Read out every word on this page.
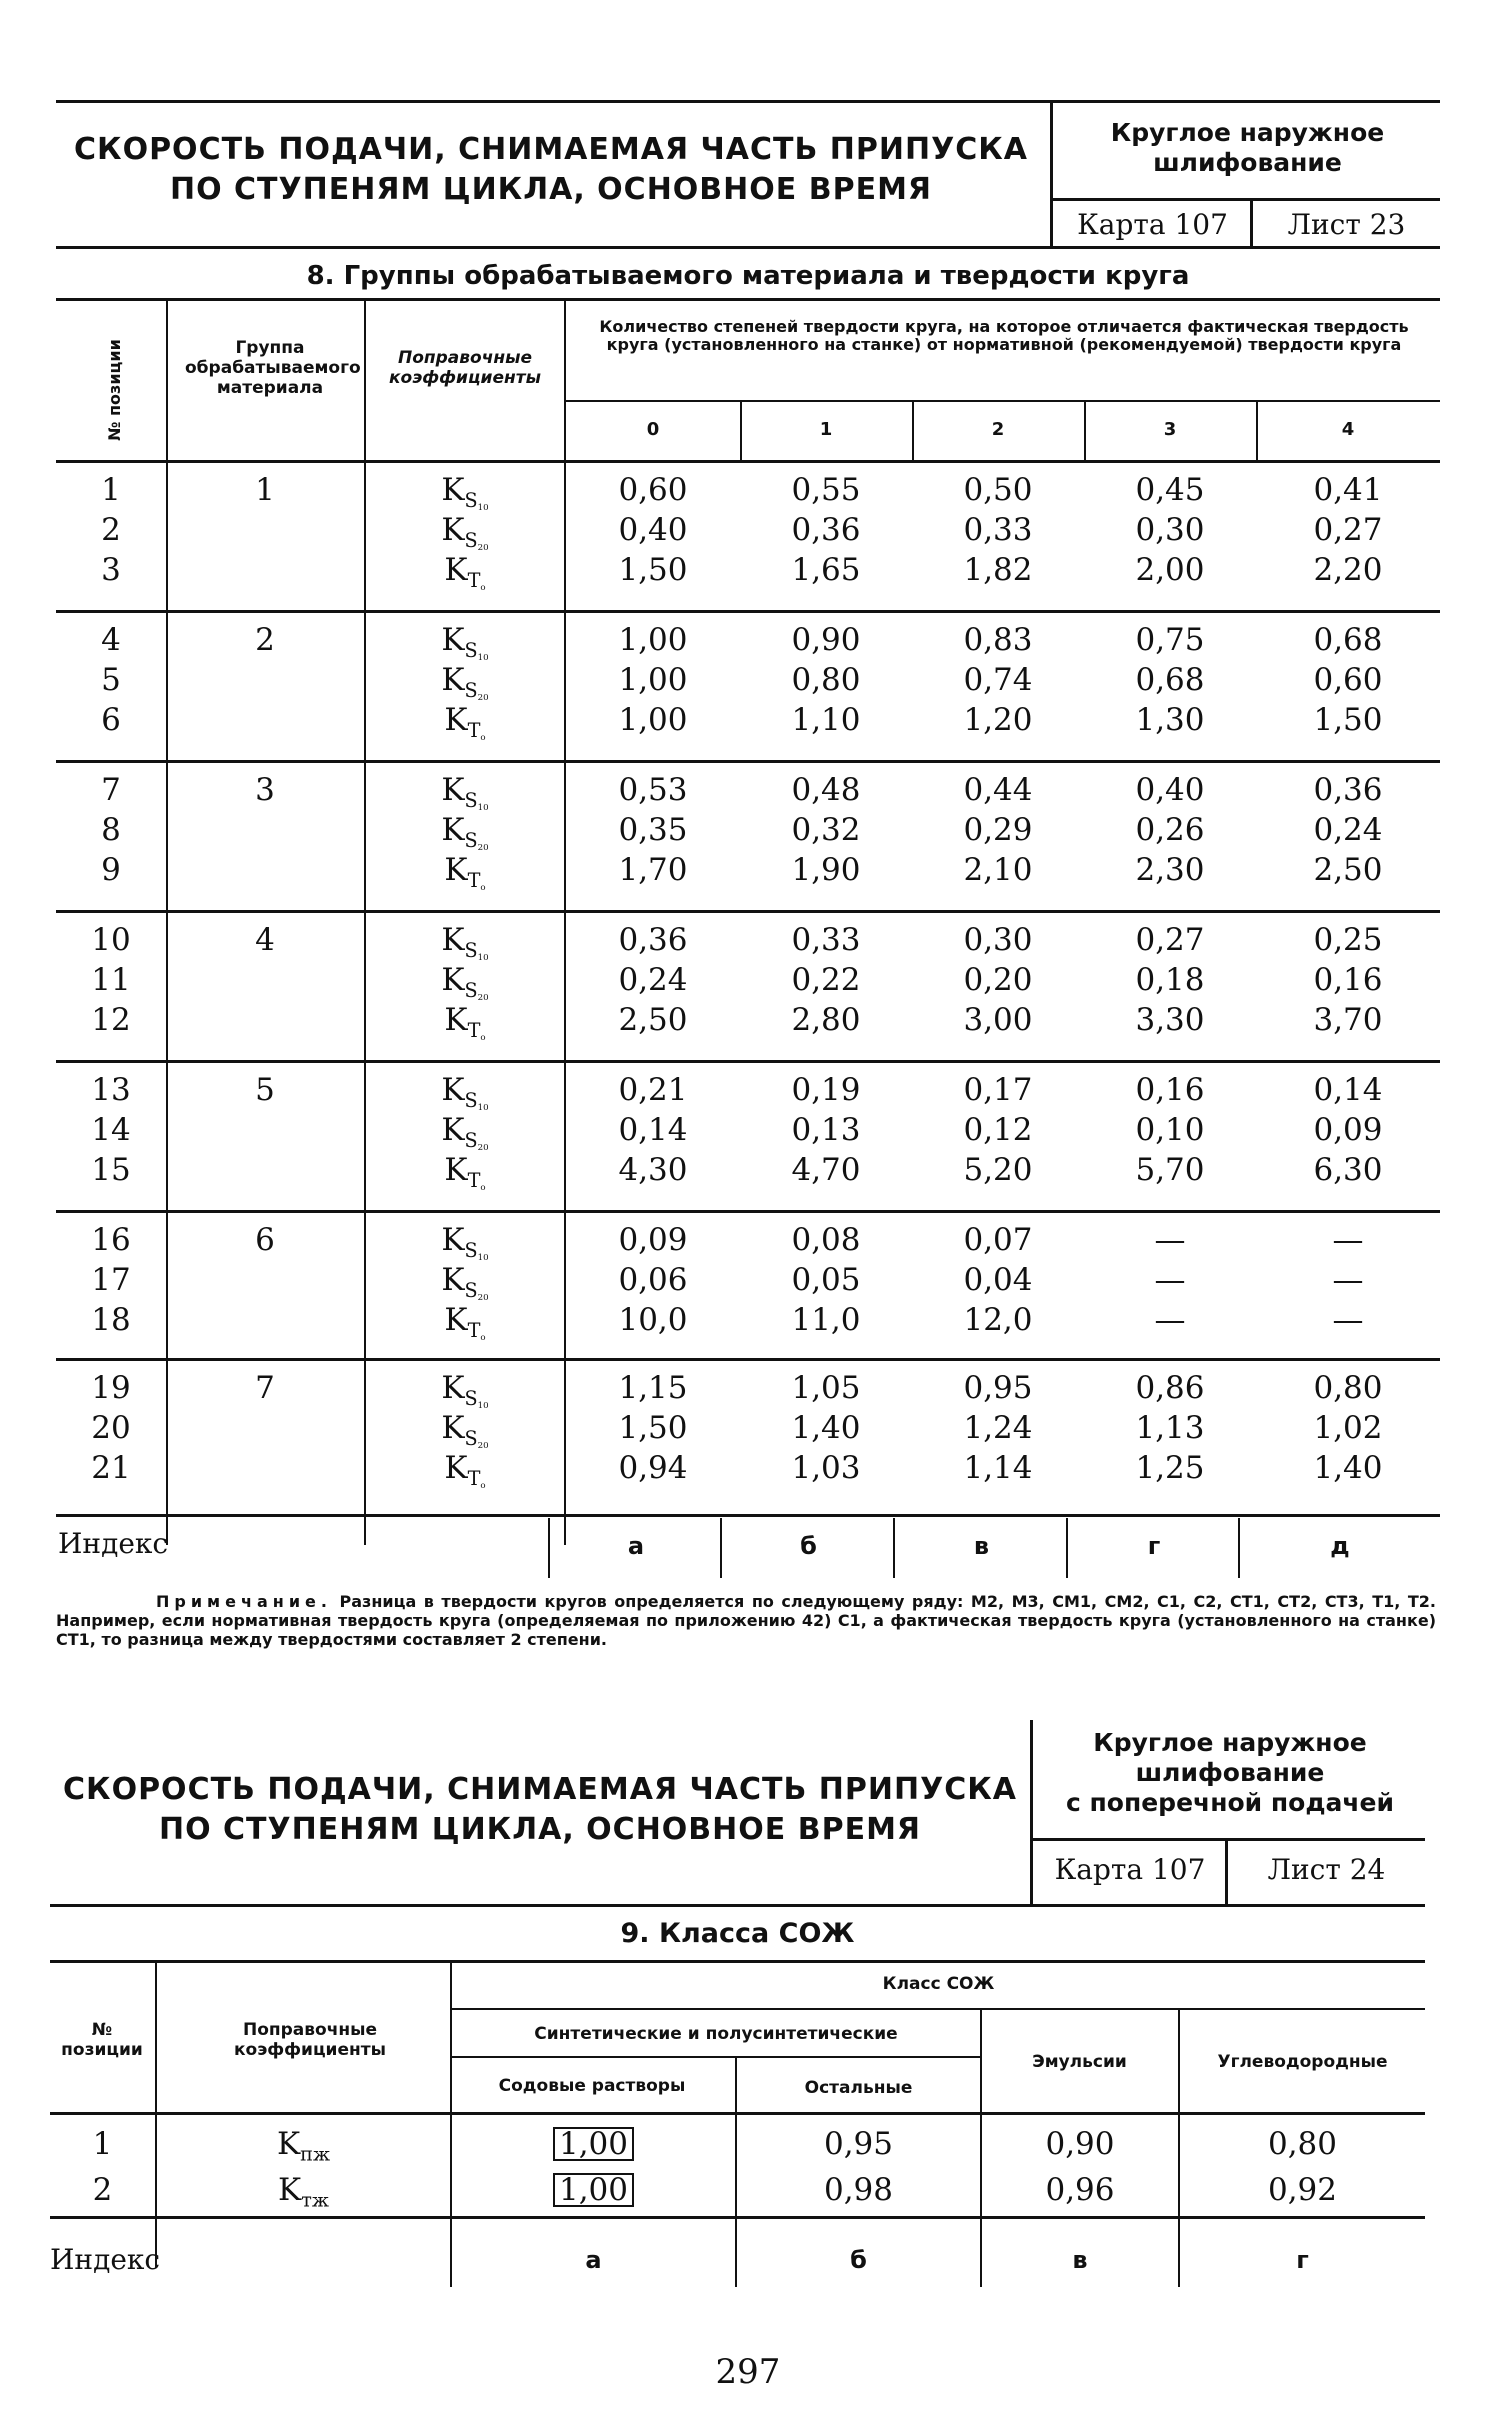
СКОРОСТЬ ПОДАЧИ, СНИМАЕМАЯ ЧАСТЬ ПРИПУСКА
ПО СТУПЕНЯМ ЦИКЛА, ОСНОВНОЕ ВРЕМЯ
Круглое наружное
шлифование
Карта 107	Лист 23
8. Группы обрабатываемого материала и твердости круга
№ позиции	Группа обрабатываемого материала
Поправочные коэффициенты
Количество степеней твердости круга, на которое отличается фактическая твердость круга (установленного на станке) от нормативной (рекомендуемой) твердости круга
0	1	2	3	4
1
1	$K_{S_{10}}$	0,60	0,55	0,50	0,45	0,41
2	$K_{S_{20}}$	0,40	0,36	0,33	0,30	0,27
3	$K_{T_o}$	1,50	1,65	1,82	2,00	2,20
2
4	$K_{S_{10}}$	1,00	0,90	0,83	0,75	0,68
5	$K_{S_{20}}$	1,00	0,80	0,74	0,68	0,60
6	$K_{T_o}$	1,00	1,10	1,20	1,30	1,50
3
7	$K_{S_{10}}$	0,53	0,48	0,44	0,40	0,36
8	$K_{S_{20}}$	0,35	0,32	0,29	0,26	0,24
9	$K_{T_o}$	1,70	1,90	2,10	2,30	2,50
4
10	$K_{S_{10}}$	0,36	0,33	0,30	0,27	0,25
11	$K_{S_{20}}$	0,24	0,22	0,20	0,18	0,16
12	$K_{T_o}$	2,50	2,80	3,00	3,30	3,70
5
13	$K_{S_{10}}$	0,21	0,19	0,17	0,16	0,14
14	$K_{S_{20}}$	0,14	0,13	0,12	0,10	0,09
15	$K_{T_o}$	4,30	4,70	5,20	5,70	6,30
6
16	$K_{S_{10}}$	0,09	0,08	0,07	—	—
17	$K_{S_{20}}$	0,06	0,05	0,04	—	—
18	$K_{T_o}$	10,0	11,0	12,0	—	—
7
19	$K_{S_{10}}$	1,15	1,05	0,95	0,86	0,80
20	$K_{S_{20}}$	1,50	1,40	1,24	1,13	1,02
21	$K_{T_o}$	0,94	1,03	1,14	1,25	1,40
Индекс	а	б	в	г	д
Примечание. Разница в твердости кругов определяется по следующему ряду: М2, М3, СМ1, СМ2, С1, С2, СТ1, СТ2, СТ3, Т1, Т2. Например, если нормативная твердость круга (определяемая по приложению 42) С1, а фактическая твердость круга (установленного на станке) СТ1, то разница между твердостями составляет 2 степени.
СКОРОСТЬ ПОДАЧИ, СНИМАЕМАЯ ЧАСТЬ ПРИПУСКА
ПО СТУПЕНЯМ ЦИКЛА, ОСНОВНОЕ ВРЕМЯ
Круглое наружное
шлифование
с поперечной подачей
Карта 107	Лист 24
9. Класса СОЖ
№ позиции
Поправочные коэффициенты
Класс СОЖ
Синтетические и полусинтетические
Содовые растворы	Остальные
Эмульсии	Углеводородные
1	$K_{пж}$	1,00	0,95	0,90	0,80
2	$K_{тж}$	1,00	0,98	0,96	0,92
Индекс	а	б	в	г
297
